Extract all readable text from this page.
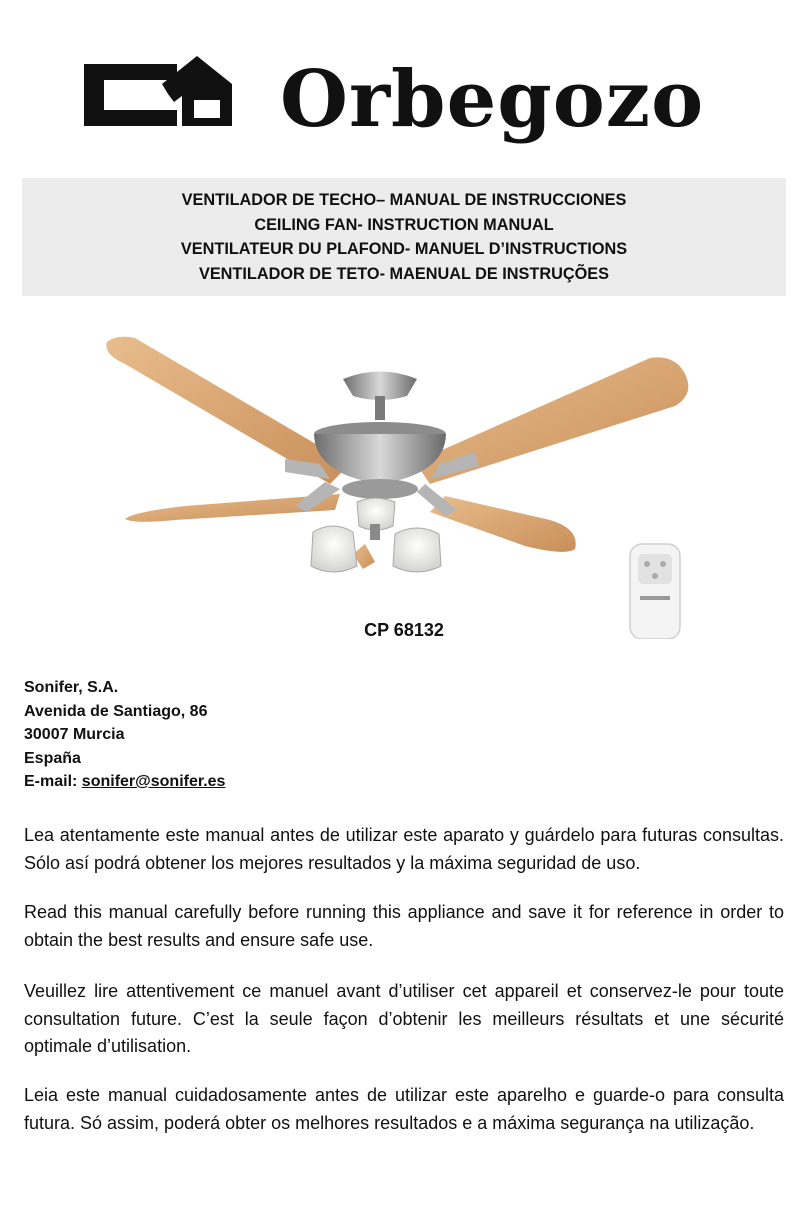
Orbegozo
VENTILADOR DE TECHO– MANUAL DE INSTRUCCIONES
CEILING FAN- INSTRUCTION MANUAL
VENTILATEUR DU PLAFOND- MANUEL D’INSTRUCTIONS
VENTILADOR DE TETO- MAENUAL DE INSTRUÇÕES
CP 68132
Sonifer, S.A.
Avenida de Santiago, 86
30007 Murcia
España
E-mail: sonifer@sonifer.es

Lea atentamente este manual antes de utilizar este aparato y guárdelo para futuras consultas. Sólo así podrá obtener los mejores resultados y la máxima seguridad de uso.

Read this manual carefully before running this appliance and save it for reference in order to obtain the best results and ensure safe use.

Veuillez lire attentivement ce manuel avant d’utiliser cet appareil et conservez-le pour toute consultation future. C’est la seule façon d’obtenir les meilleurs résultats et une sécurité optimale d’utilisation.

Leia este manual cuidadosamente antes de utilizar este aparelho e guarde-o para consulta futura. Só assim, poderá obter os melhores resultados e a máxima segurança na utilização.
